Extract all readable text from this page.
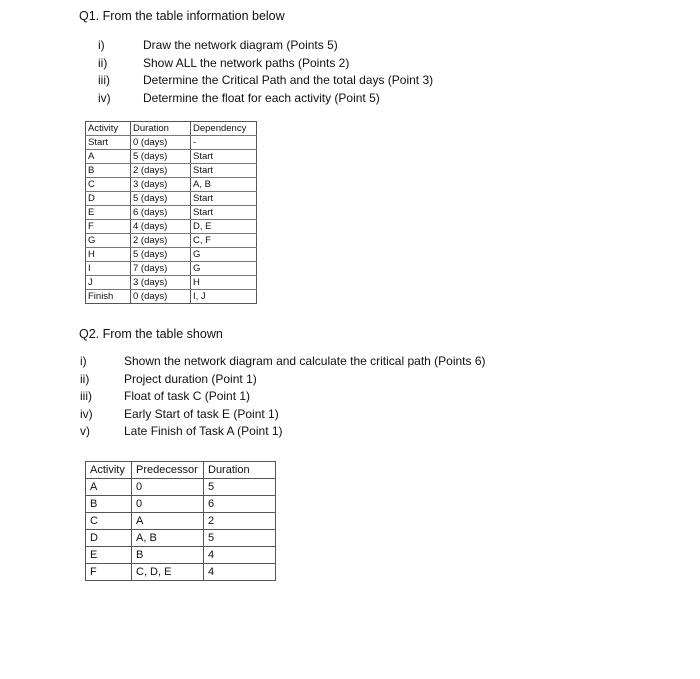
Q1. From the table information below
i)	Draw the network diagram (Points 5)
ii)	Show ALL the network paths (Points 2)
iii)	Determine the Critical Path and the total days (Point 3)
iv)	Determine the float for each activity (Point 5)
Activity	Duration	Dependency
Start	0 (days)	-
A	5 (days)	Start
B	2 (days)	Start
C	3 (days)	A, B
D	5 (days)	Start
E	6 (days)	Start
F	4 (days)	D, E
G	2 (days)	C, F
H	5 (days)	G
I	7 (days)	G
J	3 (days)	H
Finish	0 (days)	I, J
Q2. From the table shown
i)	Shown the network diagram and calculate the critical path (Points 6)
ii)	Project duration (Point 1)
iii)	Float of task C (Point 1)
iv)	Early Start of task E (Point 1)
v)	Late Finish of Task A (Point 1)
Activity	Predecessor	Duration
A	0	5
B	0	6
C	A	2
D	A, B	5
E	B	4
F	C, D, E	4
